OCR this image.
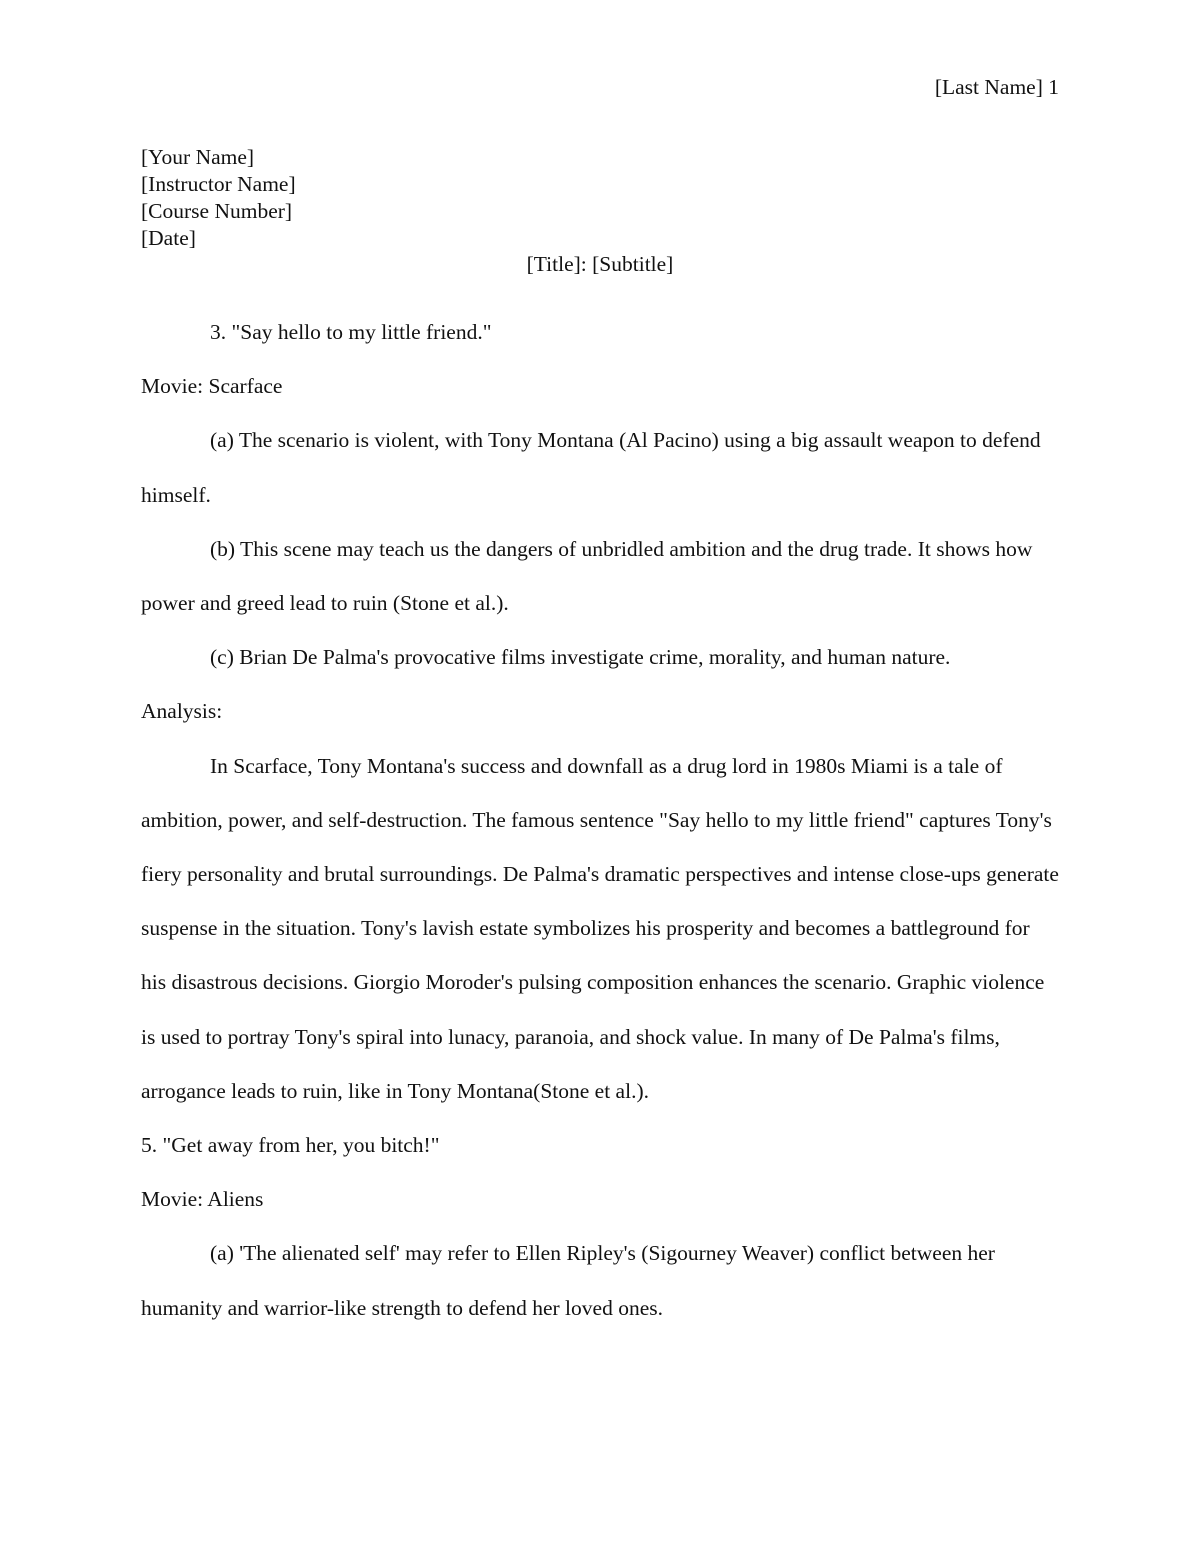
[Last Name] 1
[Your Name]
[Instructor Name]
[Course Number]
[Date]
[Title]: [Subtitle]

3. "Say hello to my little friend."

Movie: Scarface

(a) The scenario is violent, with Tony Montana (Al Pacino) using a big assault weapon to defend himself.

(b) This scene may teach us the dangers of unbridled ambition and the drug trade. It shows how power and greed lead to ruin (Stone et al.).

(c) Brian De Palma's provocative films investigate crime, morality, and human nature.

Analysis:

In Scarface, Tony Montana's success and downfall as a drug lord in 1980s Miami is a tale of ambition, power, and self-destruction. The famous sentence "Say hello to my little friend" captures Tony's fiery personality and brutal surroundings. De Palma's dramatic perspectives and intense close-ups generate suspense in the situation. Tony's lavish estate symbolizes his prosperity and becomes a battleground for his disastrous decisions. Giorgio Moroder's pulsing composition enhances the scenario. Graphic violence is used to portray Tony's spiral into lunacy, paranoia, and shock value. In many of De Palma's films, arrogance leads to ruin, like in Tony Montana(Stone et al.).

5. "Get away from her, you bitch!"

Movie: Aliens

(a) 'The alienated self' may refer to Ellen Ripley's (Sigourney Weaver) conflict between her humanity and warrior-like strength to defend her loved ones.
